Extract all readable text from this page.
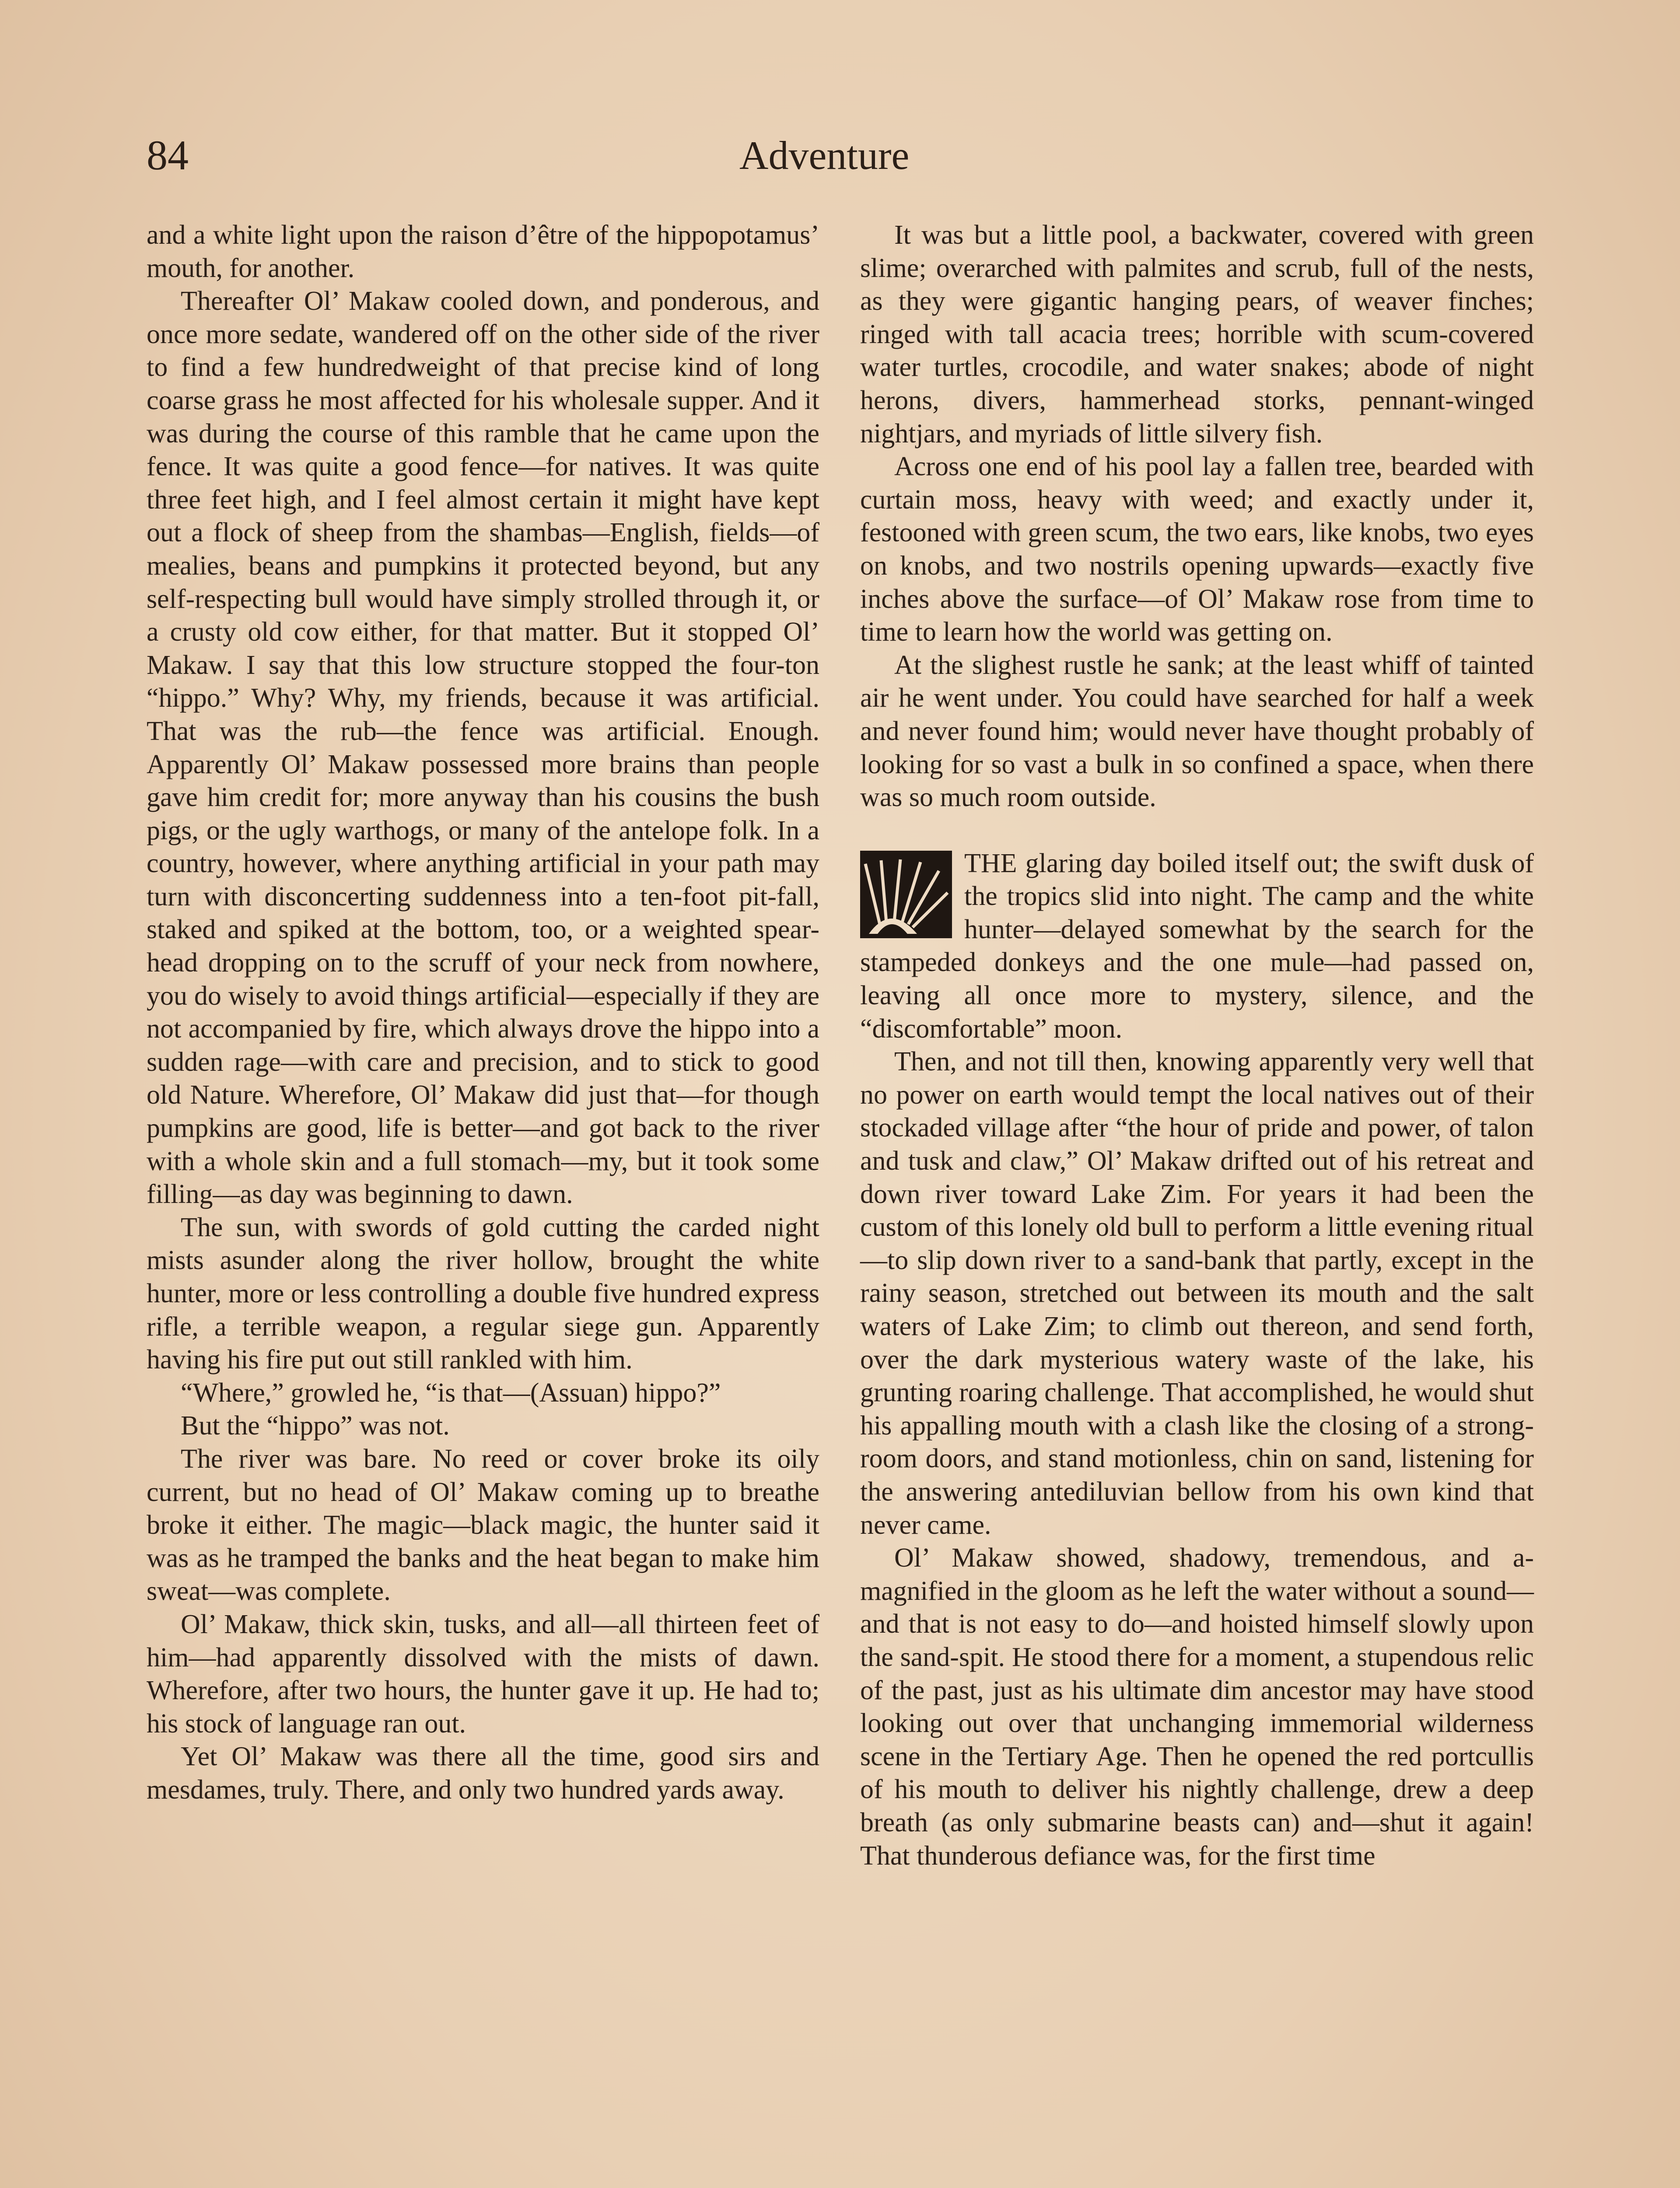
84	Adventure

and a white light upon the raison d’être of the hippopotamus’ mouth, for another.

Thereafter Ol’ Makaw cooled down, and ponderous, and once more sedate, wandered off on the other side of the river to find a few hundredweight of that precise kind of long coarse grass he most affected for his wholesale supper. And it was during the course of this ramble that he came upon the fence. It was quite a good fence—for natives. It was quite three feet high, and I feel almost certain it might have kept out a flock of sheep from the shambas—English, fields—of mealies, beans and pumpkins it protected beyond, but any self-respecting bull would have simply strolled through it, or a crusty old cow either, for that matter. But it stopped Ol’ Makaw. I say that this low structure stopped the four-ton “hippo.” Why? Why, my friends, because it was artificial. That was the rub—the fence was artificial. Enough. Apparently Ol’ Makaw possessed more brains than people gave him credit for; more anyway than his cousins the bush pigs, or the ugly warthogs, or many of the antelope folk. In a country, however, where anything artificial in your path may turn with disconcerting suddenness into a ten-foot pit-fall, staked and spiked at the bottom, too, or a weighted spear-head dropping on to the scruff of your neck from nowhere, you do wisely to avoid things artificial—especially if they are not accompanied by fire, which always drove the hippo into a sudden rage—with care and precision, and to stick to good old Nature. Wherefore, Ol’ Makaw did just that—for though pumpkins are good, life is better—and got back to the river with a whole skin and a full stomach—my, but it took some filling—as day was beginning to dawn.

The sun, with swords of gold cutting the carded night mists asunder along the river hollow, brought the white hunter, more or less controlling a double five hundred express rifle, a terrible weapon, a regular siege gun. Apparently having his fire put out still rankled with him.

“Where,” growled he, “is that—(Assuan) hippo?”

But the “hippo” was not.

The river was bare. No reed or cover broke its oily current, but no head of Ol’ Makaw coming up to breathe broke it either. The magic—black magic, the hunter said it was as he tramped the banks and the heat began to make him sweat—was complete.

Ol’ Makaw, thick skin, tusks, and all—all thirteen feet of him—had apparently dissolved with the mists of dawn. Wherefore, after two hours, the hunter gave it up. He had to; his stock of language ran out.

Yet Ol’ Makaw was there all the time, good sirs and mesdames, truly. There, and only two hundred yards away.

It was but a little pool, a backwater, covered with green slime; overarched with palmites and scrub, full of the nests, as they were gigantic hanging pears, of weaver finches; ringed with tall acacia trees; horrible with scum-covered water turtles, crocodile, and water snakes; abode of night herons, divers, hammerhead storks, pennant-winged nightjars, and myriads of little silvery fish.

Across one end of his pool lay a fallen tree, bearded with curtain moss, heavy with weed; and exactly under it, festooned with green scum, the two ears, like knobs, two eyes on knobs, and two nostrils opening upwards—exactly five inches above the surface—of Ol’ Makaw rose from time to time to learn how the world was getting on.

At the slighest rustle he sank; at the least whiff of tainted air he went under. You could have searched for half a week and never found him; would never have thought probably of looking for so vast a bulk in so confined a space, when there was so much room outside.

THE glaring day boiled itself out; the swift dusk of the tropics slid into night. The camp and the white hunter—delayed somewhat by the search for the stampeded donkeys and the one mule—had passed on, leaving all once more to mystery, silence, and the “discomfortable” moon.

Then, and not till then, knowing apparently very well that no power on earth would tempt the local natives out of their stockaded village after “the hour of pride and power, of talon and tusk and claw,” Ol’ Makaw drifted out of his retreat and down river toward Lake Zim. For years it had been the custom of this lonely old bull to perform a little evening ritual—to slip down river to a sand-bank that partly, except in the rainy season, stretched out between its mouth and the salt waters of Lake Zim; to climb out thereon, and send forth, over the dark mysterious watery waste of the lake, his grunting roaring challenge. That accomplished, he would shut his appalling mouth with a clash like the closing of a strong-room doors, and stand motionless, chin on sand, listening for the answering antediluvian bellow from his own kind that never came.

Ol’ Makaw showed, shadowy, tremendous, and a-magnified in the gloom as he left the water without a sound—and that is not easy to do—and hoisted himself slowly upon the sand-spit. He stood there for a moment, a stupendous relic of the past, just as his ultimate dim ancestor may have stood looking out over that unchanging immemorial wilderness scene in the Tertiary Age. Then he opened the red portcullis of his mouth to deliver his nightly challenge, drew a deep breath (as only submarine beasts can) and—shut it again! That thunderous defiance was, for the first time
